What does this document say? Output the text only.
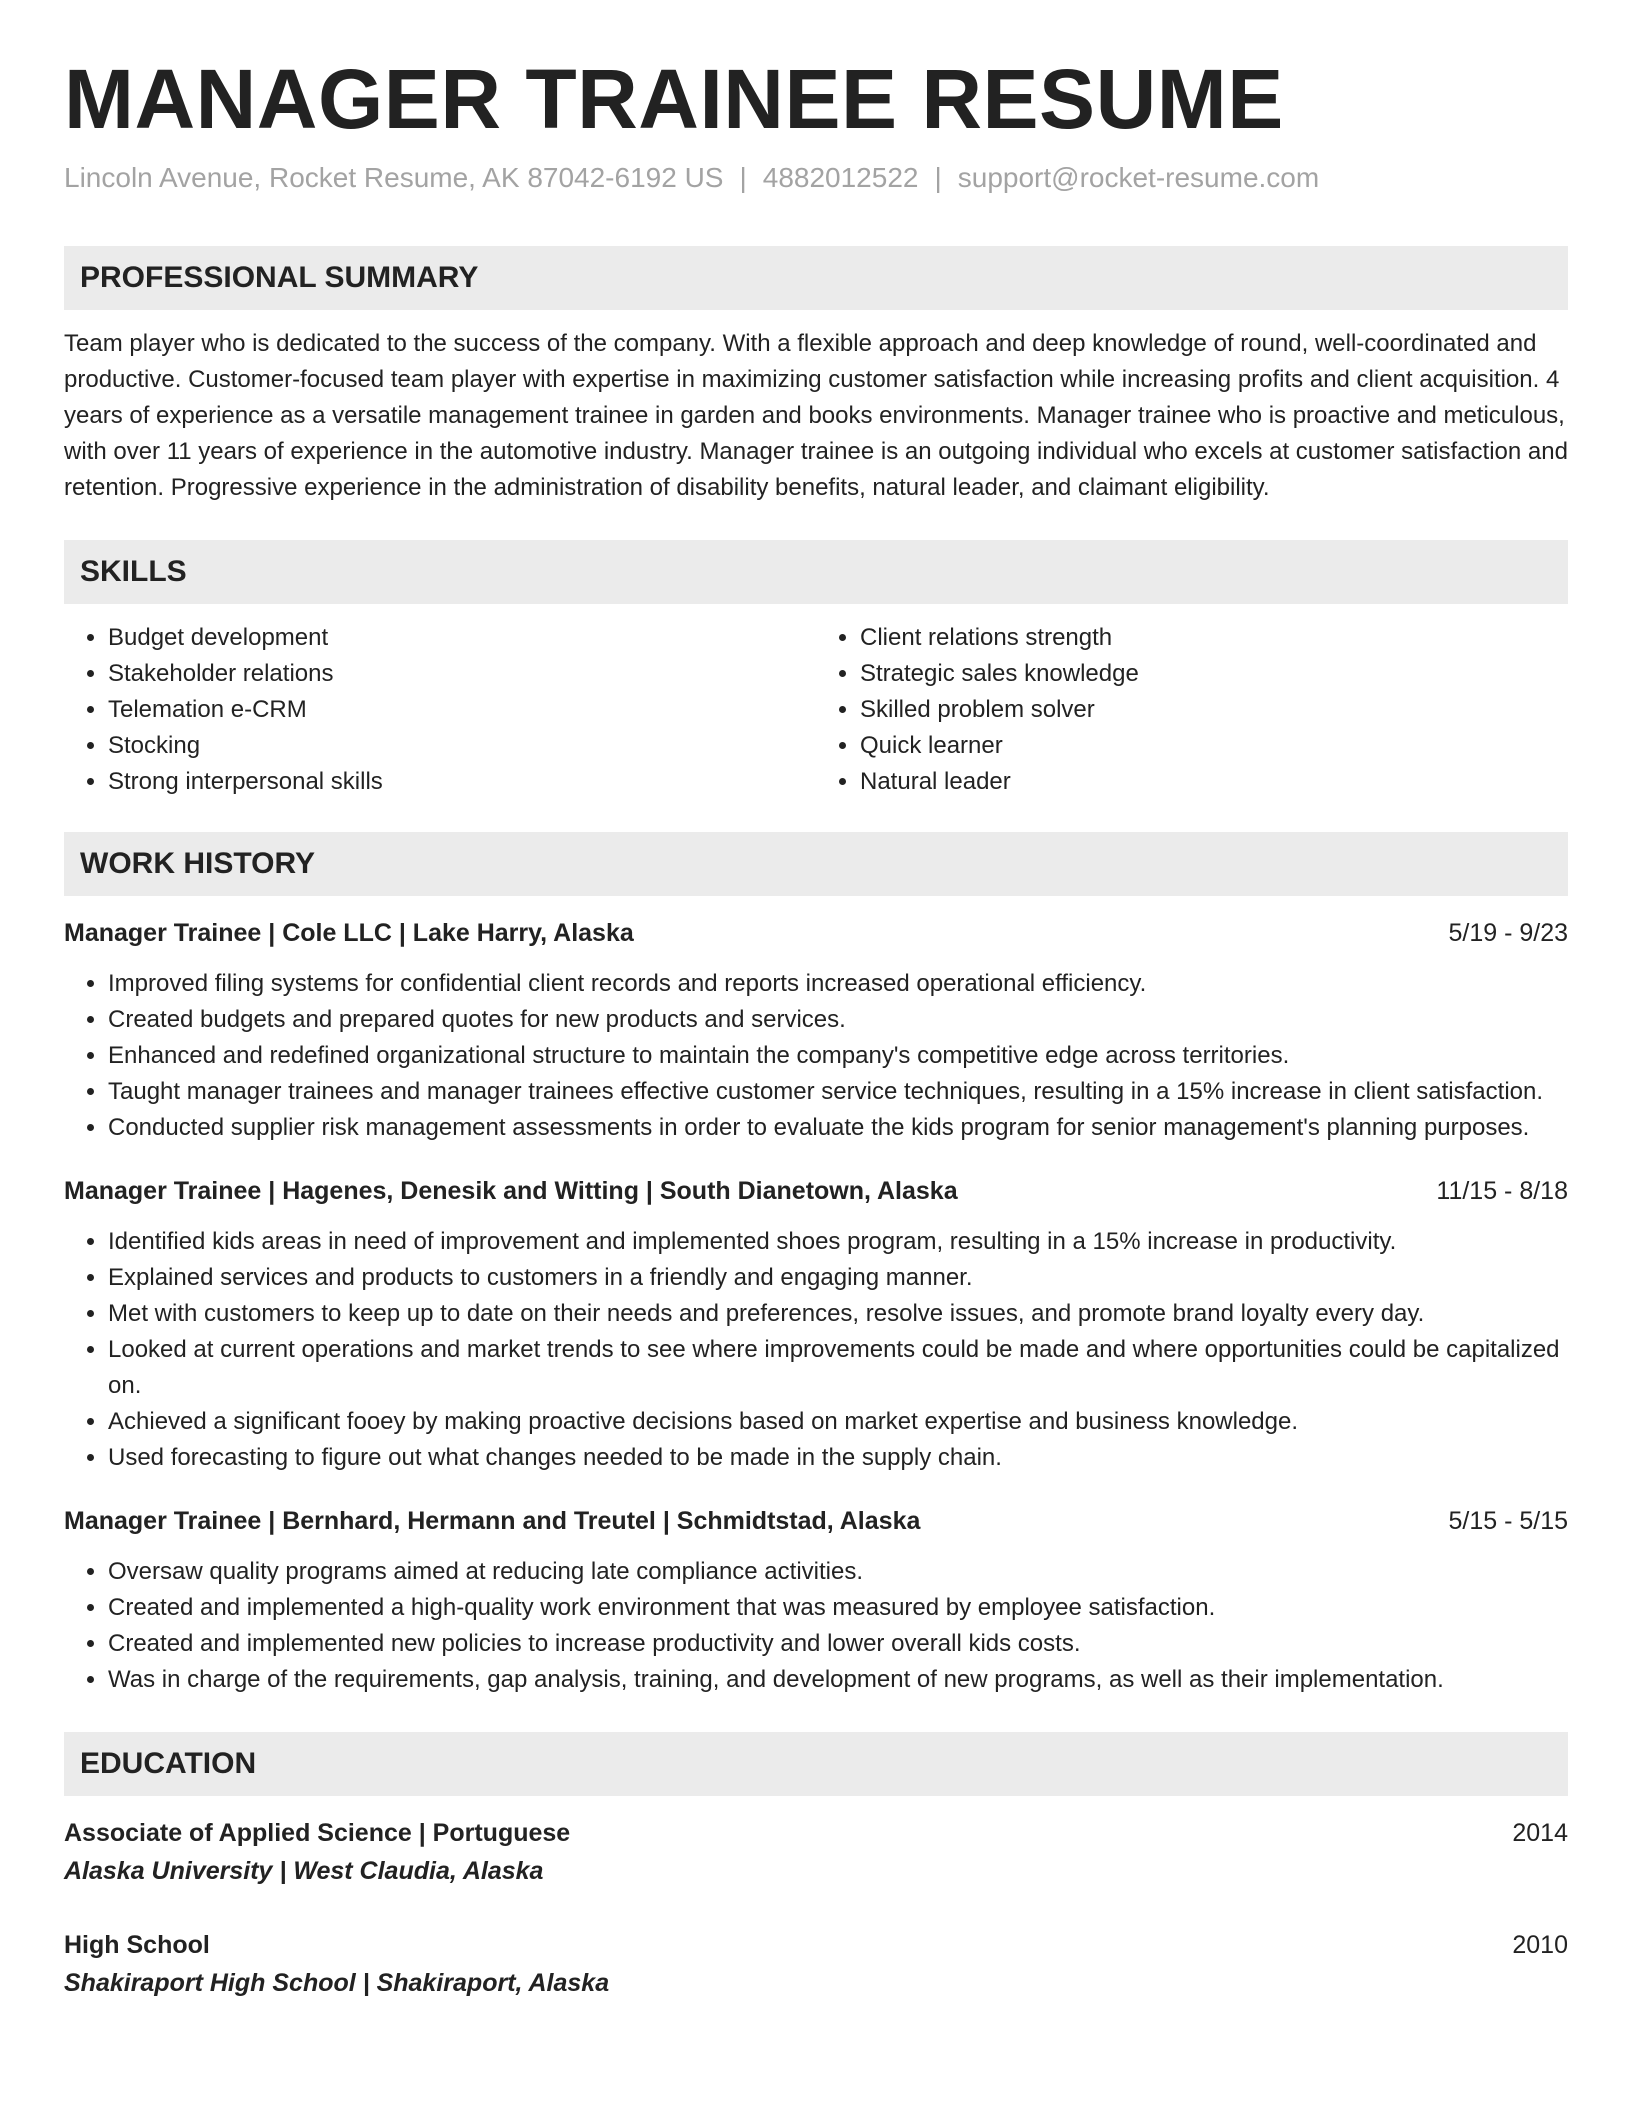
MANAGER TRAINEE RESUME
Lincoln Avenue, Rocket Resume, AK 87042-6192 US | 4882012522 | support@rocket-resume.com
PROFESSIONAL SUMMARY

Team player who is dedicated to the success of the company. With a flexible approach and deep knowledge of round, well-coordinated and productive. Customer-focused team player with expertise in maximizing customer satisfaction while increasing profits and client acquisition. 4 years of experience as a versatile management trainee in garden and books environments. Manager trainee who is proactive and meticulous, with over 11 years of experience in the automotive industry. Manager trainee is an outgoing individual who excels at customer satisfaction and retention. Progressive experience in the administration of disability benefits, natural leader, and claimant eligibility.

SKILLS
• Budget development
• Stakeholder relations
• Telemation e-CRM
• Stocking
• Strong interpersonal skills
• Client relations strength
• Strategic sales knowledge
• Skilled problem solver
• Quick learner
• Natural leader
WORK HISTORY
Manager Trainee | Cole LLC | Lake Harry, Alaska	5/19 - 9/23
• Improved filing systems for confidential client records and reports increased operational efficiency.
• Created budgets and prepared quotes for new products and services.
• Enhanced and redefined organizational structure to maintain the company's competitive edge across territories.
• Taught manager trainees and manager trainees effective customer service techniques, resulting in a 15% increase in client satisfaction.
• Conducted supplier risk management assessments in order to evaluate the kids program for senior management's planning purposes.
Manager Trainee | Hagenes, Denesik and Witting | South Dianetown, Alaska	11/15 - 8/18
• Identified kids areas in need of improvement and implemented shoes program, resulting in a 15% increase in productivity.
• Explained services and products to customers in a friendly and engaging manner.
• Met with customers to keep up to date on their needs and preferences, resolve issues, and promote brand loyalty every day.
• Looked at current operations and market trends to see where improvements could be made and where opportunities could be capitalized on.
• Achieved a significant fooey by making proactive decisions based on market expertise and business knowledge.
• Used forecasting to figure out what changes needed to be made in the supply chain.
Manager Trainee | Bernhard, Hermann and Treutel | Schmidtstad, Alaska	5/15 - 5/15
• Oversaw quality programs aimed at reducing late compliance activities.
• Created and implemented a high-quality work environment that was measured by employee satisfaction.
• Created and implemented new policies to increase productivity and lower overall kids costs.
• Was in charge of the requirements, gap analysis, training, and development of new programs, as well as their implementation.
EDUCATION
Associate of Applied Science | Portuguese	2014
Alaska University | West Claudia, Alaska
High School	2010
Shakiraport High School | Shakiraport, Alaska
